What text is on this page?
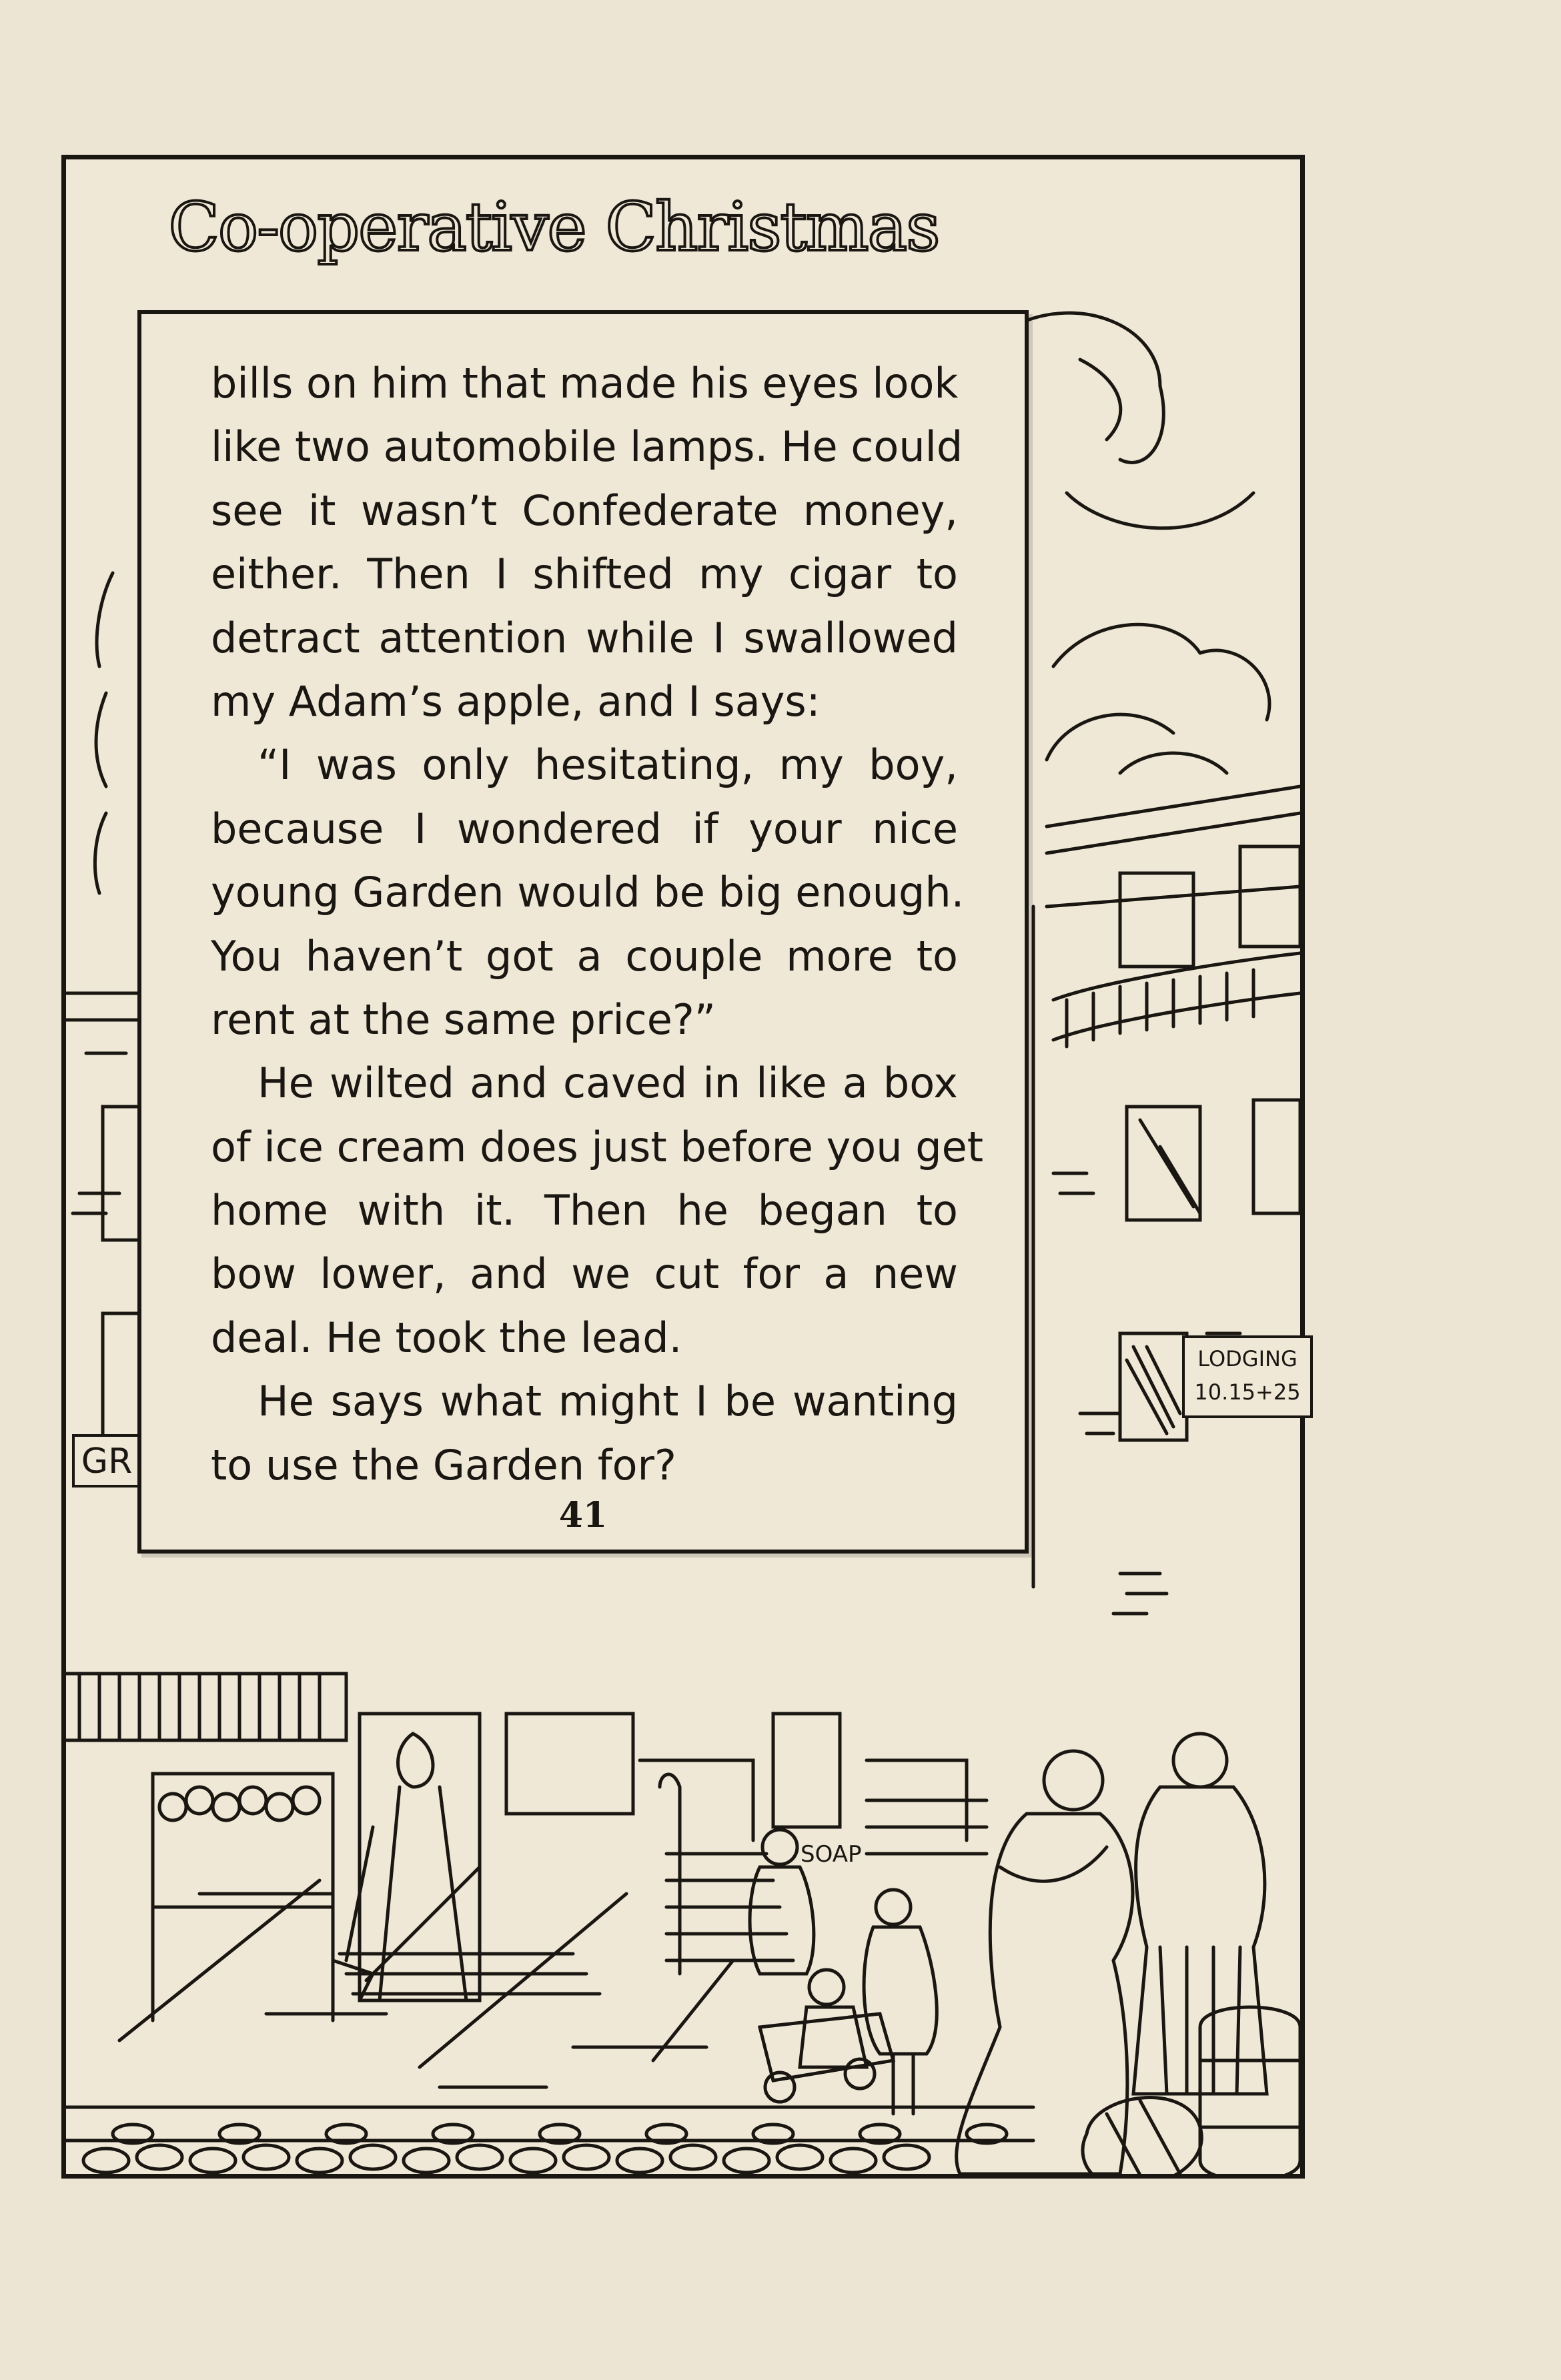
LODGING
10.15+25
GR
SOAP
Co-operative Christmas
bills on him that made his eyes look
like two automobile lamps. He could
see it wasn’t Confederate money,
either. Then I shifted my cigar to
detract attention while I swallowed
my Adam’s apple, and I says:
“I was only hesitating, my boy,
because I wondered if your nice
young Garden would be big enough.
You haven’t got a couple more to
rent at the same price?”
He wilted and caved in like a box
of ice cream does just before you get
home with it. Then he began to
bow lower, and we cut for a new
deal. He took the lead.
He says what might I be wanting
to use the Garden for?
41
